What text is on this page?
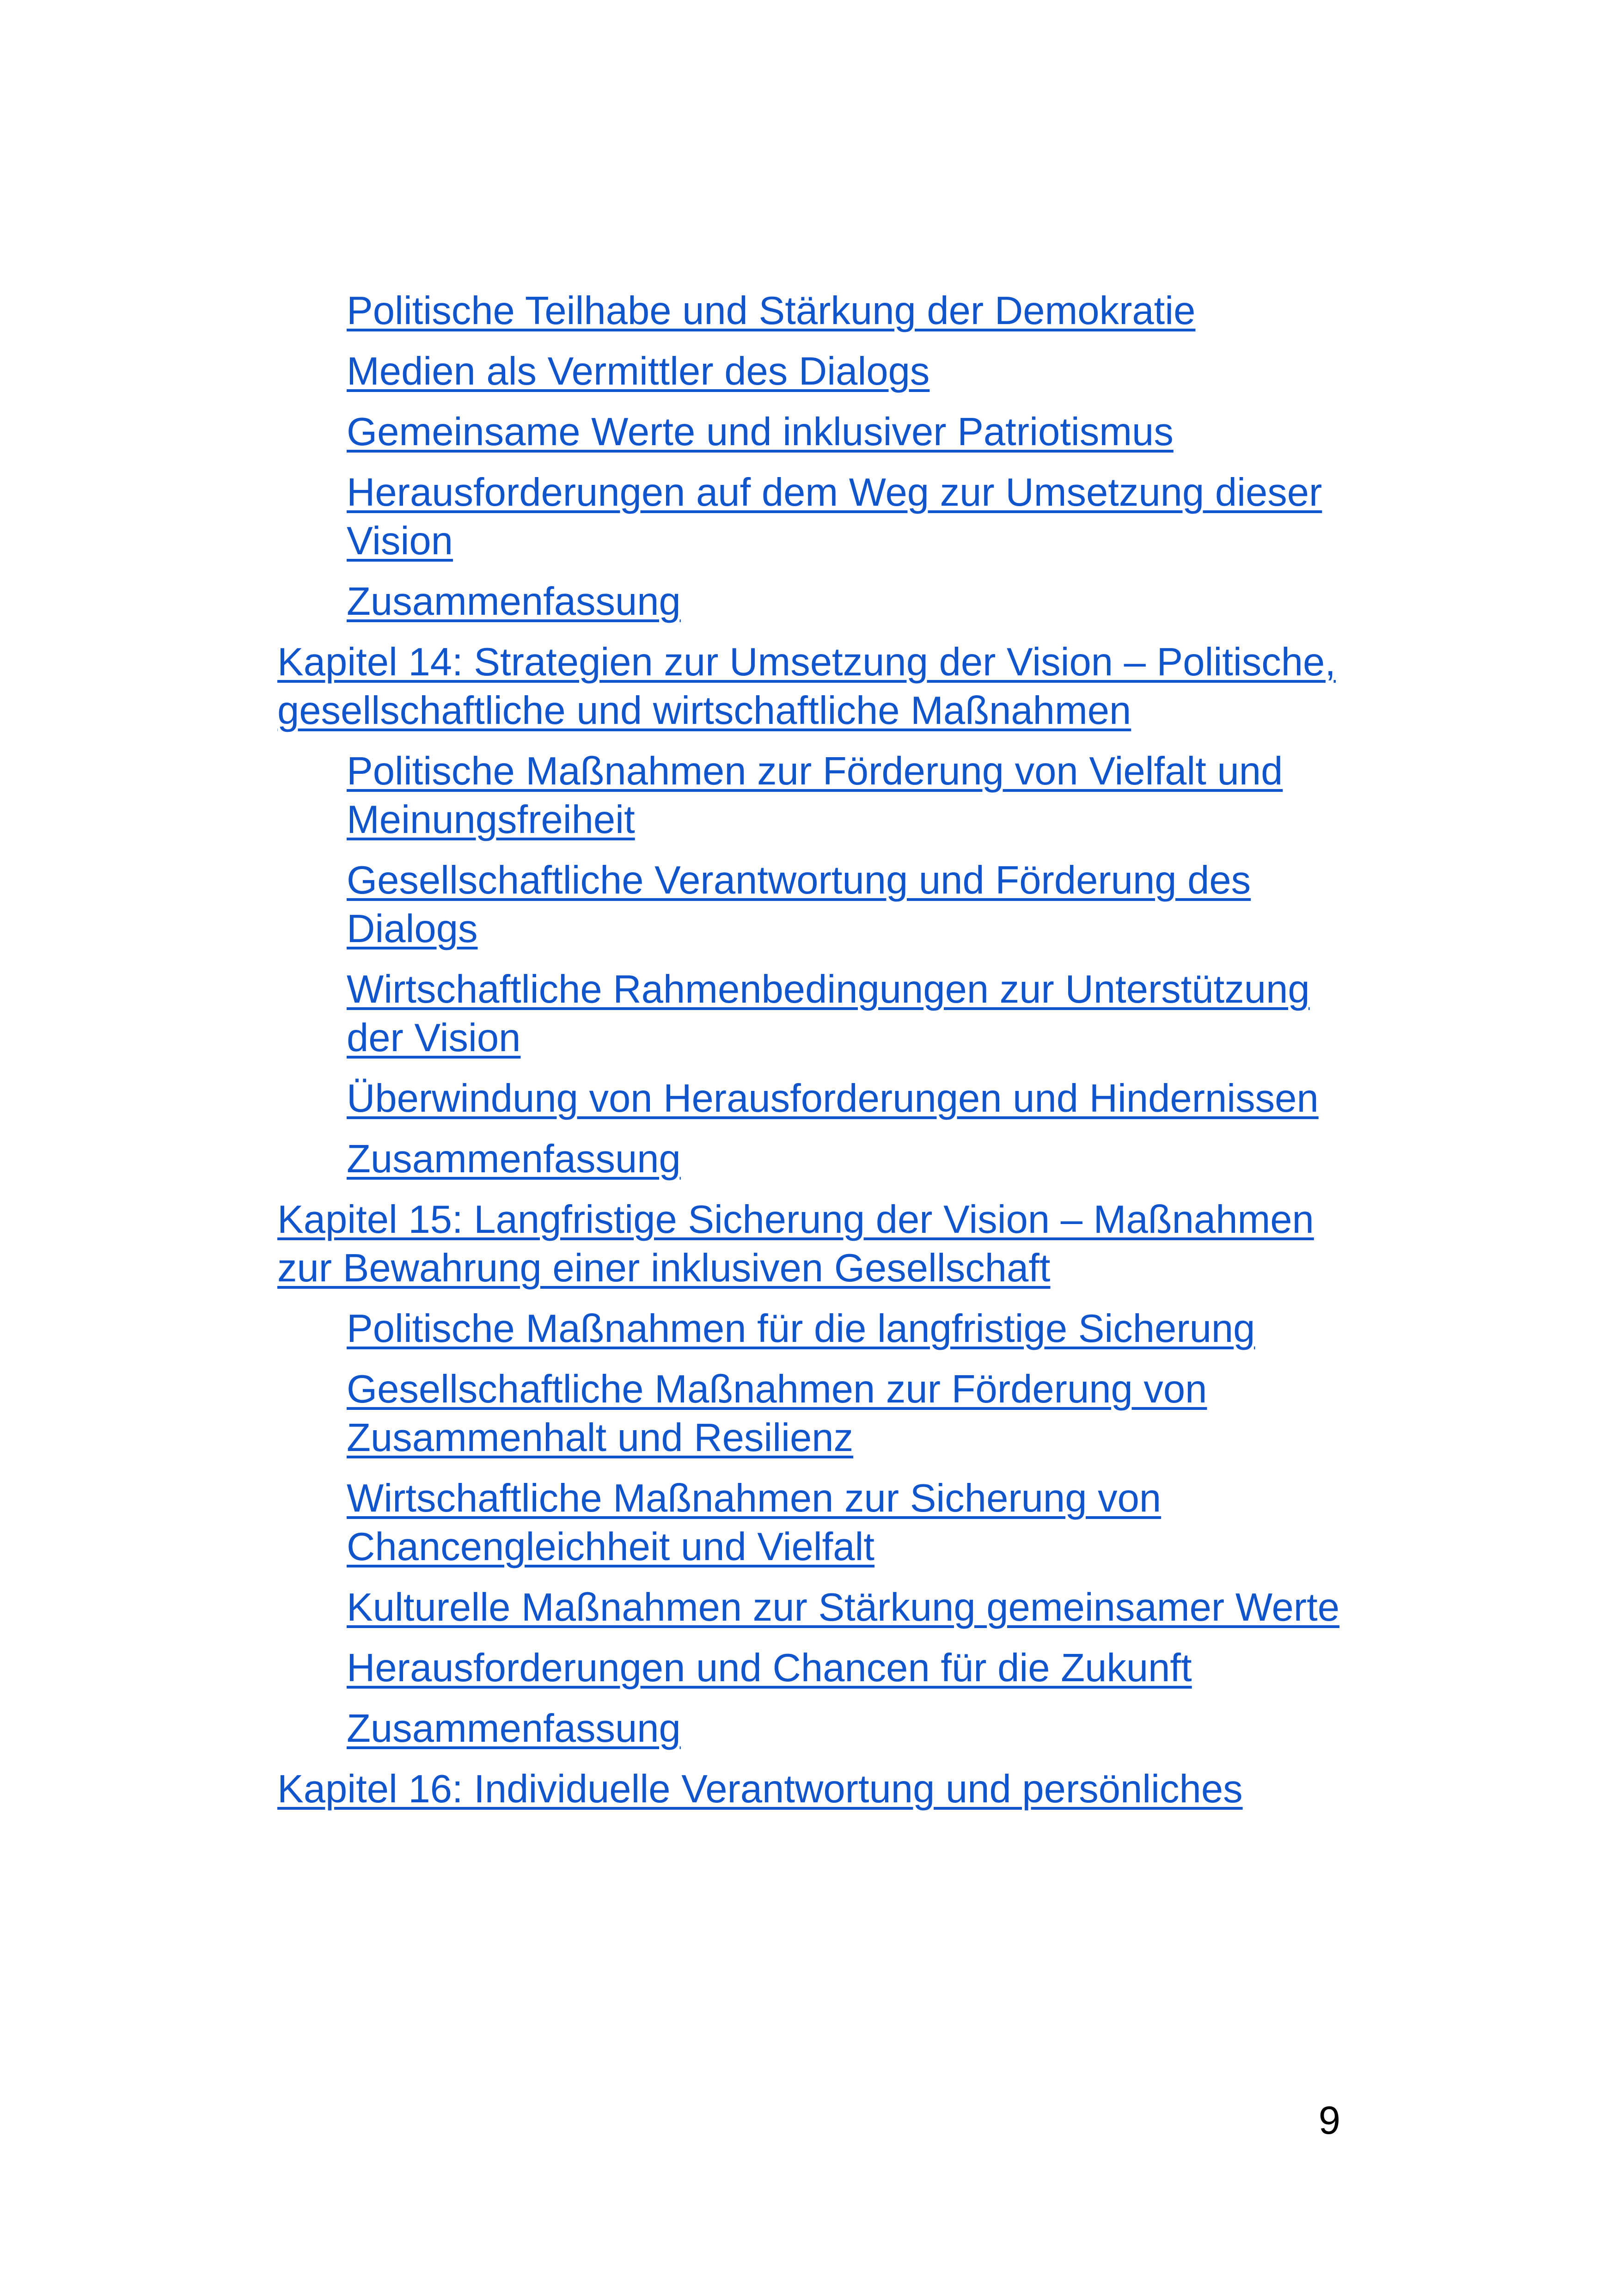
Politische Teilhabe und Stärkung der Demokratie
Medien als Vermittler des Dialogs
Gemeinsame Werte und inklusiver Patriotismus
Herausforderungen auf dem Weg zur Umsetzung dieser Vision
Zusammenfassung
Kapitel 14: Strategien zur Umsetzung der Vision – Politische, gesellschaftliche und wirtschaftliche Maßnahmen
Politische Maßnahmen zur Förderung von Vielfalt und Meinungsfreiheit
Gesellschaftliche Verantwortung und Förderung des Dialogs
Wirtschaftliche Rahmenbedingungen zur Unterstützung der Vision
Überwindung von Herausforderungen und Hindernissen
Zusammenfassung
Kapitel 15: Langfristige Sicherung der Vision – Maßnahmen zur Bewahrung einer inklusiven Gesellschaft
Politische Maßnahmen für die langfristige Sicherung
Gesellschaftliche Maßnahmen zur Förderung von Zusammenhalt und Resilienz
Wirtschaftliche Maßnahmen zur Sicherung von Chancengleichheit und Vielfalt
Kulturelle Maßnahmen zur Stärkung gemeinsamer Werte
Herausforderungen und Chancen für die Zukunft
Zusammenfassung
Kapitel 16: Individuelle Verantwortung und persönliches
9
